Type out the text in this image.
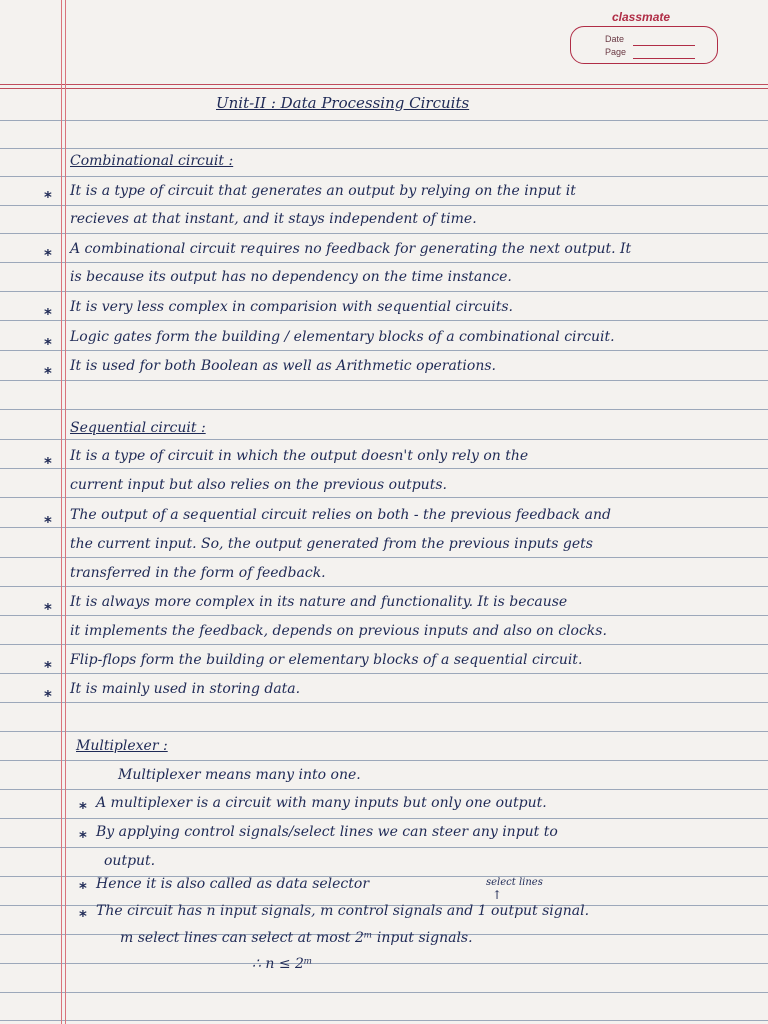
classmate
Date
Page
Unit-II : Data Processing Circuits
Combinational circuit :
* It is a type of circuit that generates an output by relying on the input it
recieves at that instant, and it stays independent of time.
* A combinational circuit requires no feedback for generating the next output. It
is because its output has no dependency on the time instance.
* It is very less complex in comparision with sequential circuits.
* Logic gates form the building / elementary blocks of a combinational circuit.
* It is used for both Boolean as well as Arithmetic operations.
Sequential circuit :
* It is a type of circuit in which the output doesn't only rely on the
current input but also relies on the previous outputs.
* The output of a sequential circuit relies on both - the previous feedback and
the current input. So, the output generated from the previous inputs gets
transferred in the form of feedback.
* It is always more complex in its nature and functionality. It is because
it implements the feedback, depends on previous inputs and also on clocks.
* Flip-flops form the building or elementary blocks of a sequential circuit.
* It is mainly used in storing data.
Multiplexer :
Multiplexer means many into one.
* A multiplexer is a circuit with many inputs but only one output.
* By applying control signals/select lines we can steer any input to
output.
* Hence it is also called as data selector	select lines
↑
* The circuit has n input signals, m control signals and 1 output signal.
m select lines can select at most 2ᵐ input signals.
∴ n ≤ 2ᵐ
